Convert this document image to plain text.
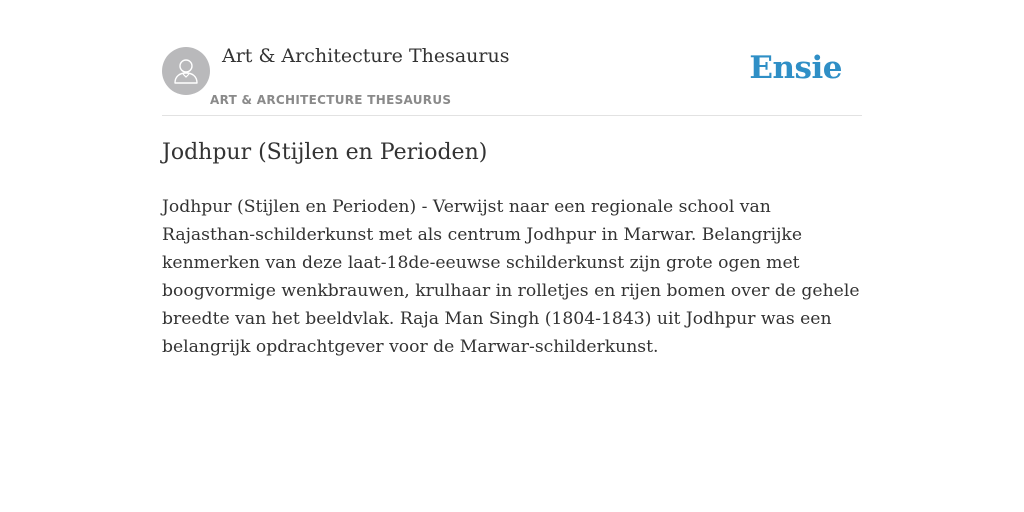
Art & Architecture Thesaurus
ART & ARCHITECTURE THESAURUS
Ensie
Jodhpur (Stijlen en Perioden)

Jodhpur (Stijlen en Perioden) - Verwijst naar een regionale school van Rajasthan-schilderkunst met als centrum Jodhpur in Marwar. Belangrijke kenmerken van deze laat-18de-eeuwse schilderkunst zijn grote ogen met boogvormige wenkbrauwen, krulhaar in rolletjes en rijen bomen over de gehele breedte van het beeldvlak. Raja Man Singh (1804-1843) uit Jodhpur was een belangrijk opdrachtgever voor de Marwar-schilderkunst.
